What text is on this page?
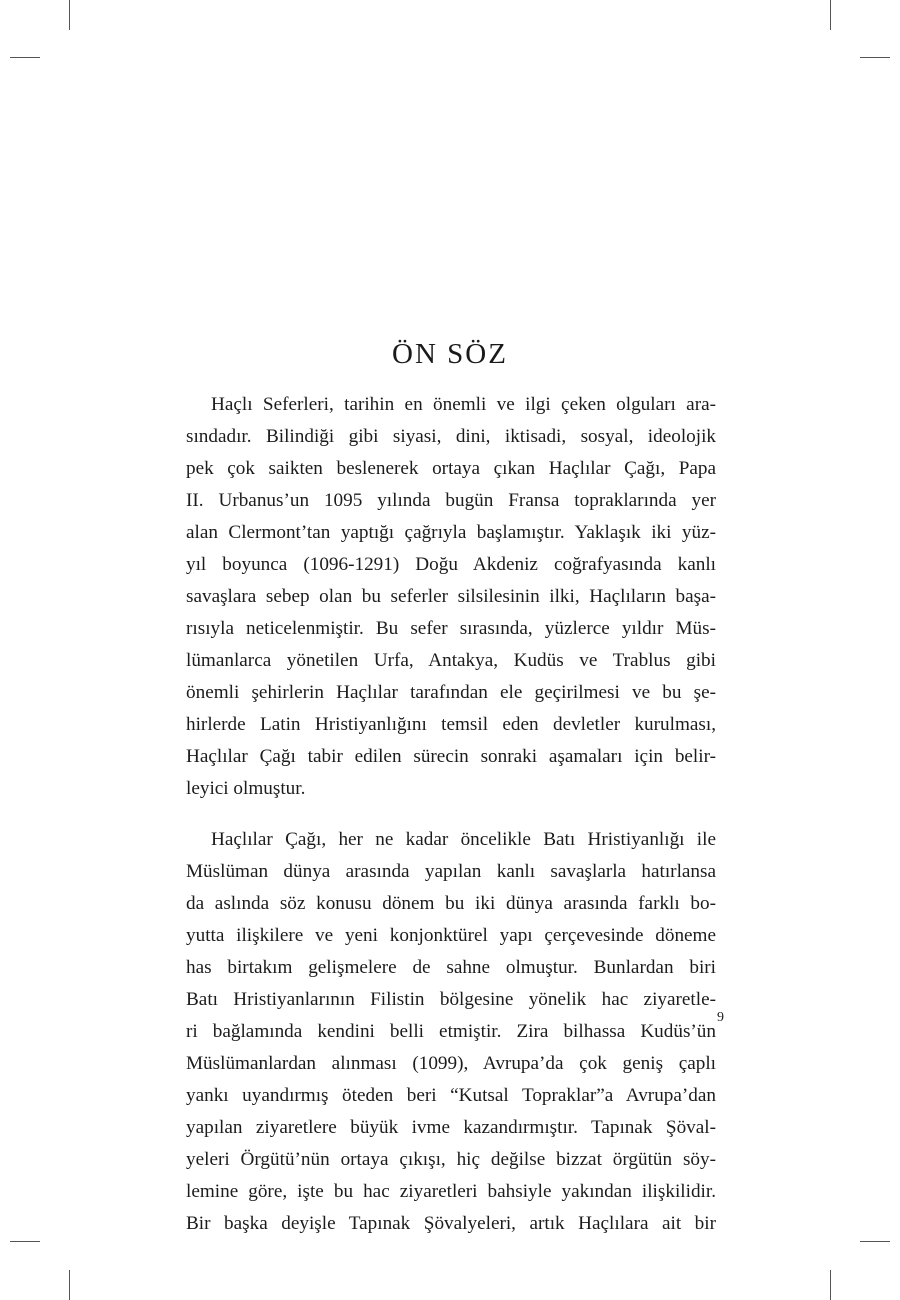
ÖN SÖZ
Haçlı Seferleri, tarihin en önemli ve ilgi çeken olguları ara-
sındadır. Bilindiği gibi siyasi, dini, iktisadi, sosyal, ideolojik
pek çok saikten beslenerek ortaya çıkan Haçlılar Çağı, Papa
II. Urbanus’un 1095 yılında bugün Fransa topraklarında yer
alan Clermont’tan yaptığı çağrıyla başlamıştır. Yaklaşık iki yüz-
yıl boyunca (1096-1291) Doğu Akdeniz coğrafyasında kanlı
savaşlara sebep olan bu seferler silsilesinin ilki, Haçlıların başa-
rısıyla neticelenmiştir. Bu sefer sırasında, yüzlerce yıldır Müs-
lümanlarca yönetilen Urfa, Antakya, Kudüs ve Trablus gibi
önemli şehirlerin Haçlılar tarafından ele geçirilmesi ve bu şe-
hirlerde Latin Hristiyanlığını temsil eden devletler kurulması,
Haçlılar Çağı tabir edilen sürecin sonraki aşamaları için belir-
leyici olmuştur.
Haçlılar Çağı, her ne kadar öncelikle Batı Hristiyanlığı ile
Müslüman dünya arasında yapılan kanlı savaşlarla hatırlansa
da aslında söz konusu dönem bu iki dünya arasında farklı bo-
yutta ilişkilere ve yeni konjonktürel yapı çerçevesinde döneme
has birtakım gelişmelere de sahne olmuştur. Bunlardan biri
Batı Hristiyanlarının Filistin bölgesine yönelik hac ziyaretle-
ri bağlamında kendini belli etmiştir. Zira bilhassa Kudüs’ün
Müslümanlardan alınması (1099), Avrupa’da çok geniş çaplı
yankı uyandırmış öteden beri “Kutsal Topraklar”a Avrupa’dan
yapılan ziyaretlere büyük ivme kazandırmıştır. Tapınak Şöval-
yeleri Örgütü’nün ortaya çıkışı, hiç değilse bizzat örgütün söy-
lemine göre, işte bu hac ziyaretleri bahsiyle yakından ilişkilidir.
Bir başka deyişle Tapınak Şövalyeleri, artık Haçlılara ait bir
9
